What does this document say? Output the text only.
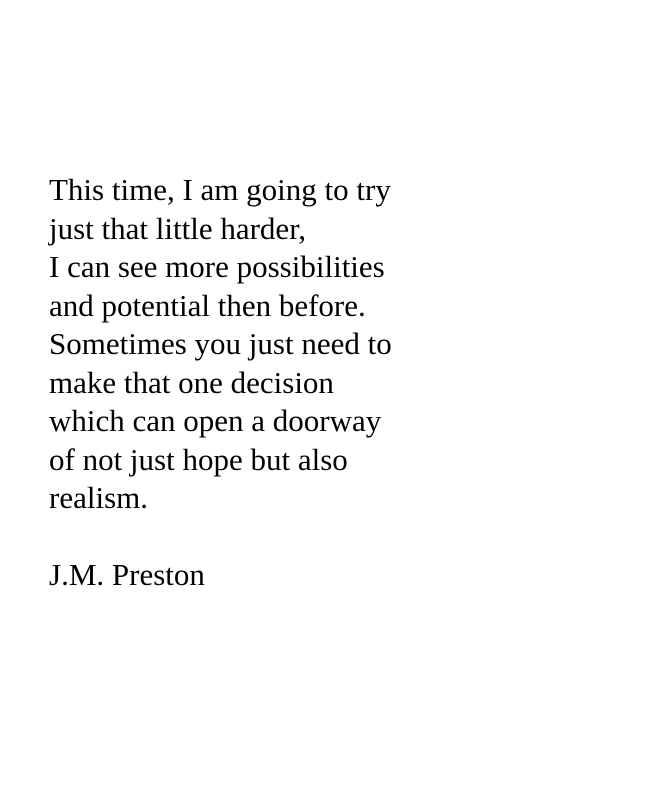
This time, I am going to try
just that little harder,
I can see more possibilities
and potential then before.
Sometimes you just need to
make that one decision
which can open a doorway
of not just hope but also
realism.
J.M. Preston
